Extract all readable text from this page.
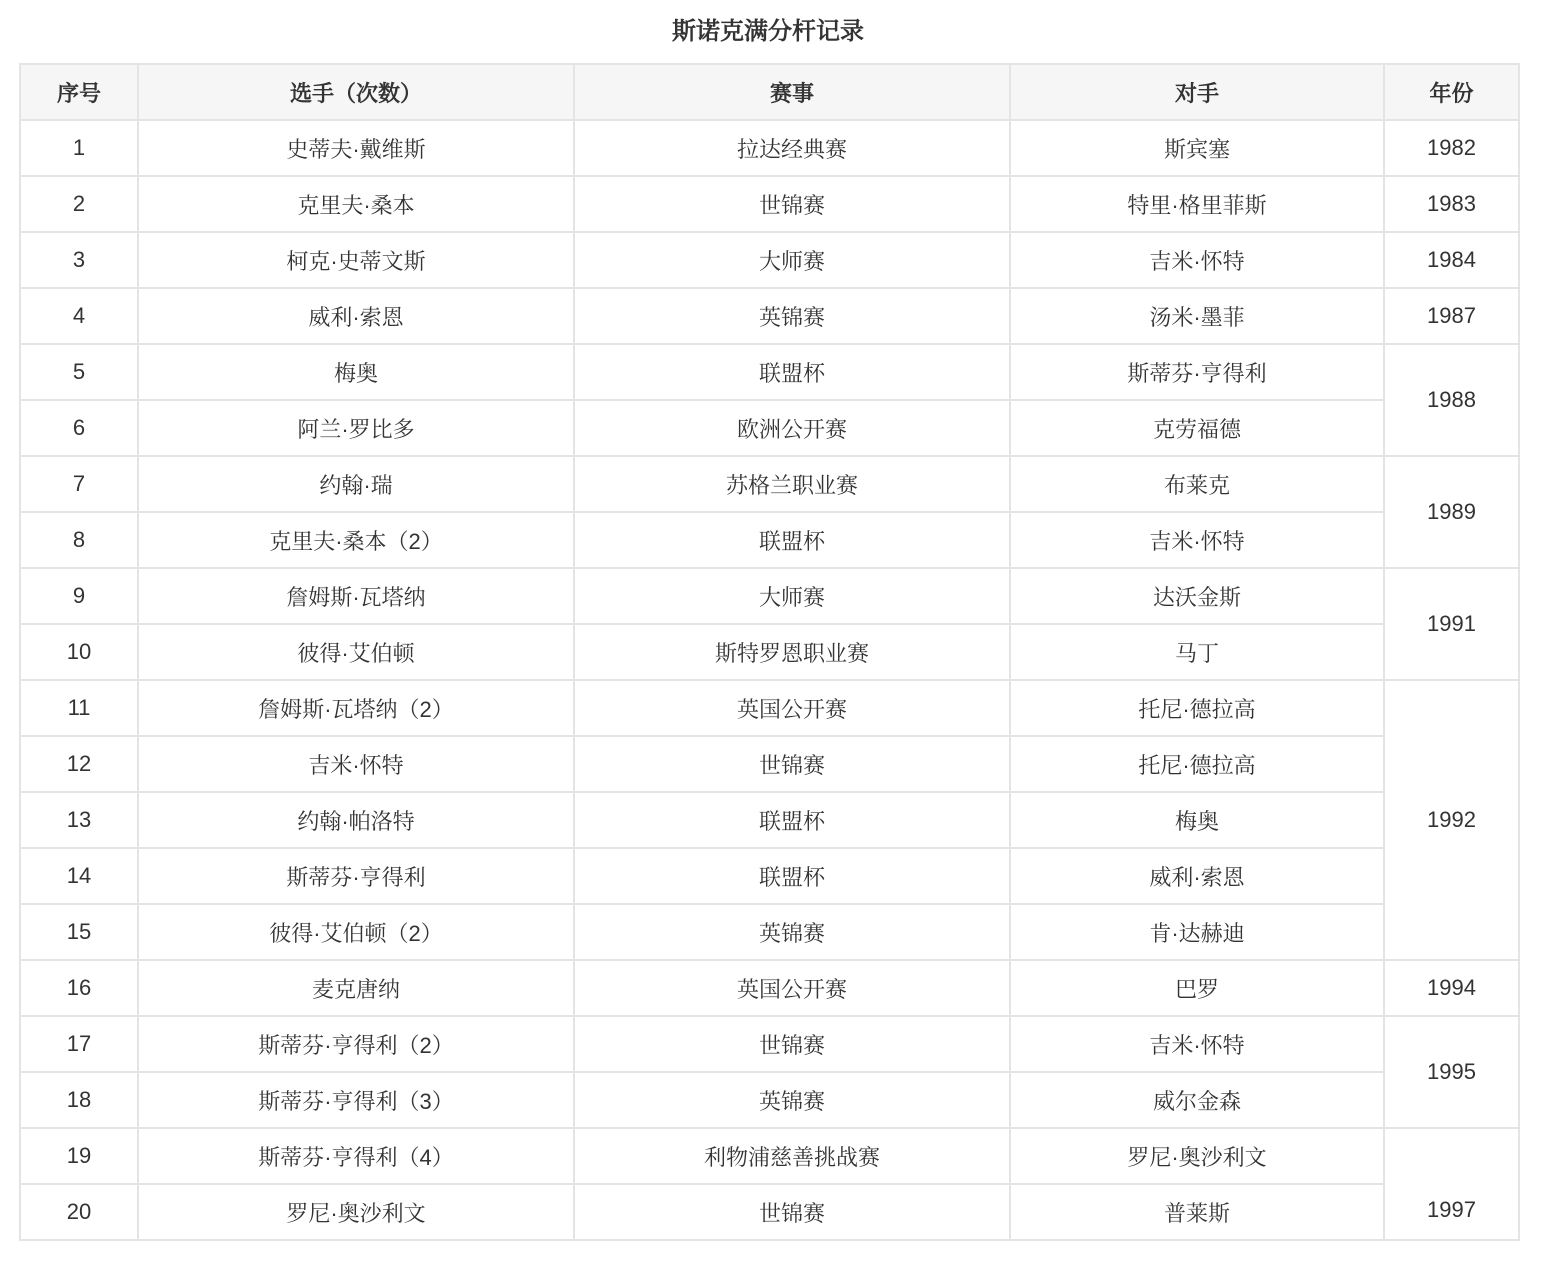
斯诺克满分杆记录
序号	选手（次数）	赛事	对手	年份
1	史蒂夫·戴维斯	拉达经典赛	斯宾塞	1982
2	克里夫·桑本	世锦赛	特里·格里菲斯	1983
3	柯克·史蒂文斯	大师赛	吉米·怀特	1984
4	威利·索恩	英锦赛	汤米·墨菲	1987
5	梅奥	联盟杯	斯蒂芬·亨得利	1988
6	阿兰·罗比多	欧洲公开赛	克劳福德	
7	约翰·瑞	苏格兰职业赛	布莱克	1989
8	克里夫·桑本（2）	联盟杯	吉米·怀特	
9	詹姆斯·瓦塔纳	大师赛	达沃金斯	1991
10	彼得·艾伯顿	斯特罗恩职业赛	马丁	
11	詹姆斯·瓦塔纳（2）	英国公开赛	托尼·德拉高	1992
12	吉米·怀特	世锦赛	托尼·德拉高	
13	约翰·帕洛特	联盟杯	梅奥	
14	斯蒂芬·亨得利	联盟杯	威利·索恩	
15	彼得·艾伯顿（2）	英锦赛	肯·达赫迪	
16	麦克唐纳	英国公开赛	巴罗	1994
17	斯蒂芬·亨得利（2）	世锦赛	吉米·怀特	1995
18	斯蒂芬·亨得利（3）	英锦赛	威尔金森	
19	斯蒂芬·亨得利（4）	利物浦慈善挑战赛	罗尼·奥沙利文	1997
20	罗尼·奥沙利文	世锦赛	普莱斯	
